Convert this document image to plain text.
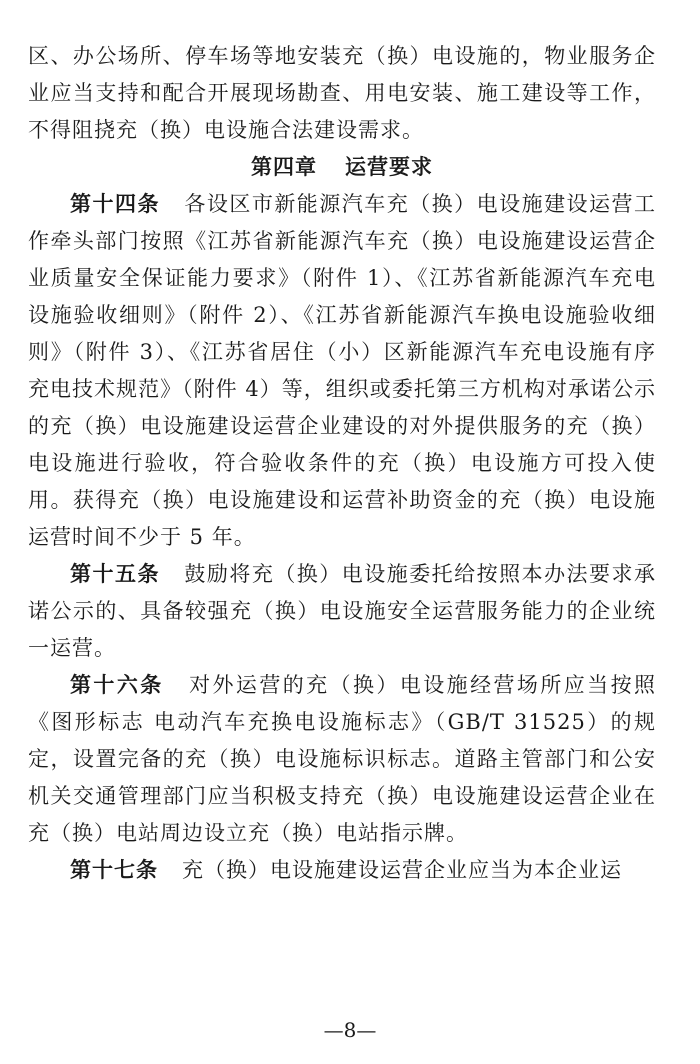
区、办公场所、停车场等地安装充（换）电设施的，物业服务企业应当支持和配合开展现场勘查、用电安装、施工建设等工作，不得阻挠充（换）电设施合法建设需求。

第四章 运营要求

第十四条 各设区市新能源汽车充（换）电设施建设运营工作牵头部门按照《江苏省新能源汽车充（换）电设施建设运营企业质量安全保证能力要求》（附件 1）、《江苏省新能源汽车充电设施验收细则》（附件 2）、《江苏省新能源汽车换电设施验收细则》（附件 3）、《江苏省居住（小）区新能源汽车充电设施有序充电技术规范》（附件 4）等，组织或委托第三方机构对承诺公示的充（换）电设施建设运营企业建设的对外提供服务的充（换）电设施进行验收，符合验收条件的充（换）电设施方可投入使用。获得充（换）电设施建设和运营补助资金的充（换）电设施运营时间不少于 5 年。

第十五条 鼓励将充（换）电设施委托给按照本办法要求承诺公示的、具备较强充（换）电设施安全运营服务能力的企业统一运营。

第十六条 对外运营的充（换）电设施经营场所应当按照《图形标志 电动汽车充换电设施标志》（GB/T 31525）的规定，设置完备的充（换）电设施标识标志。道路主管部门和公安机关交通管理部门应当积极支持充（换）电设施建设运营企业在充（换）电站周边设立充（换）电站指示牌。

第十七条 充（换）电设施建设运营企业应当为本企业运

—8—
